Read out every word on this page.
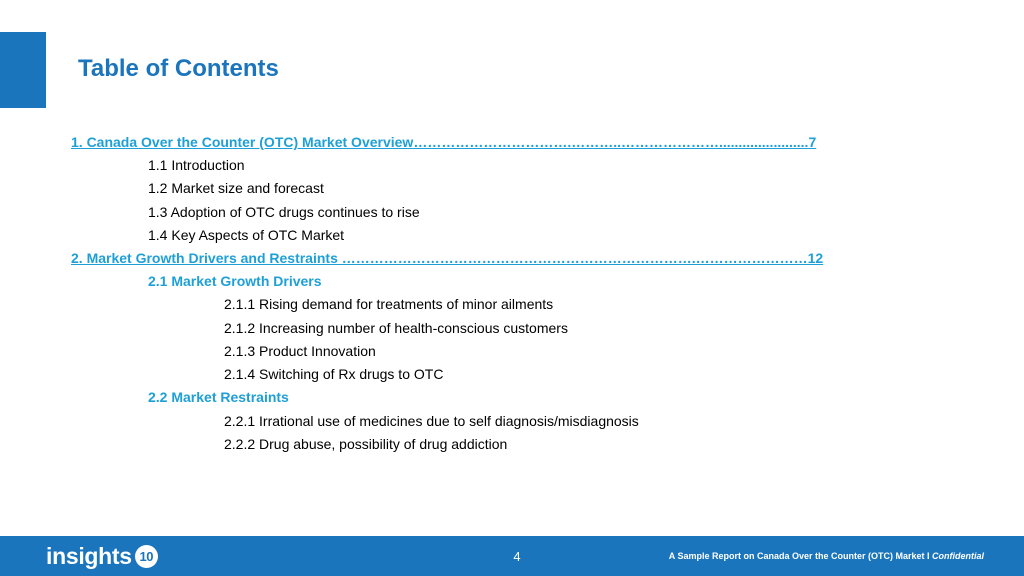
Table of Contents
1. Canada Over the Counter (OTC) Market Overview…………………………….………..………………….......................7
1.1 Introduction
1.2 Market size and forecast
1.3 Adoption of OTC drugs continues to rise
1.4 Key Aspects of OTC Market
2. Market Growth Drivers and Restraints ………………………………………………………………….……………………12
2.1 Market Growth Drivers
2.1.1 Rising demand for treatments of minor ailments
2.1.2 Increasing number of health-conscious customers
2.1.3 Product Innovation
2.1.4 Switching of Rx drugs to OTC
2.2 Market Restraints
2.2.1 Irrational use of medicines due to self diagnosis/misdiagnosis
2.2.2 Drug abuse, possibility of drug addiction
insights 10	4	A Sample Report on Canada Over the Counter (OTC) Market I Confidential
